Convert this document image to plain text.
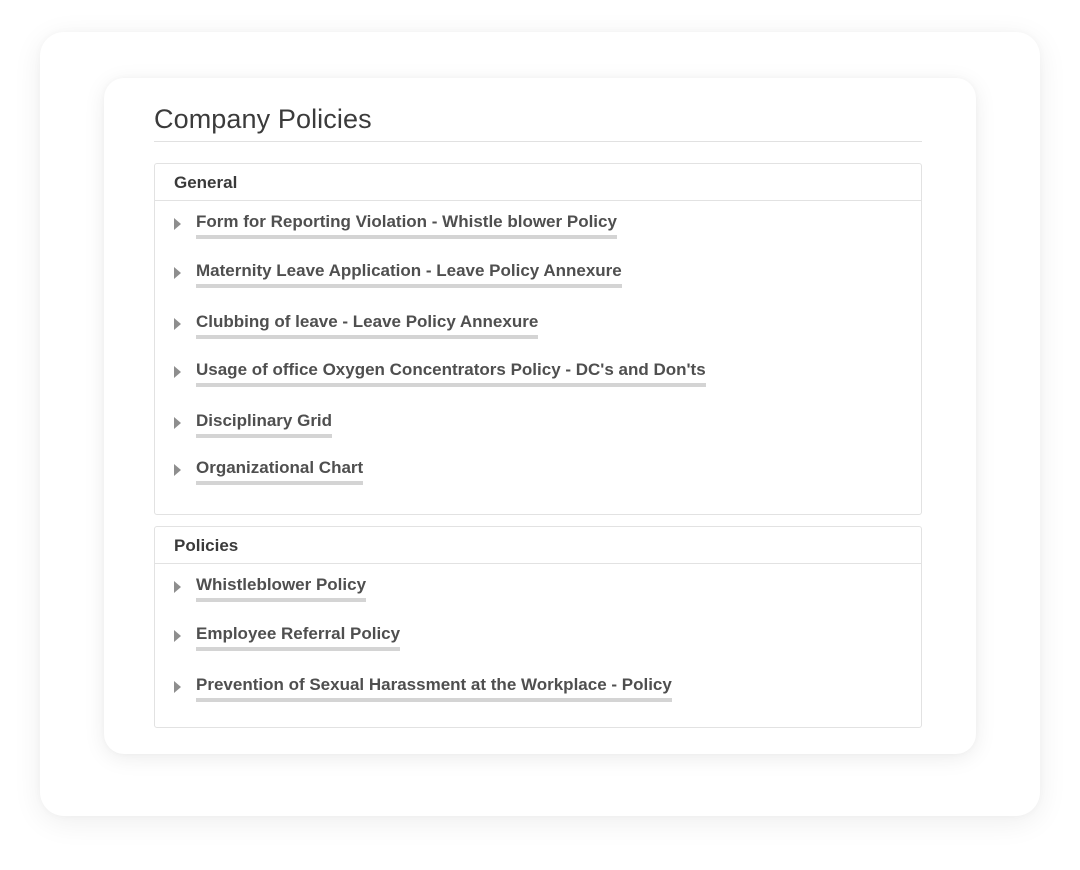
Company Policies
General
Form for Reporting Violation - Whistle blower Policy
Maternity Leave Application - Leave Policy Annexure
Clubbing of leave - Leave Policy Annexure
Usage of office Oxygen Concentrators Policy - DC's and Don'ts
Disciplinary Grid
Organizational Chart
Policies
Whistleblower Policy
Employee Referral Policy
Prevention of Sexual Harassment at the Workplace - Policy
